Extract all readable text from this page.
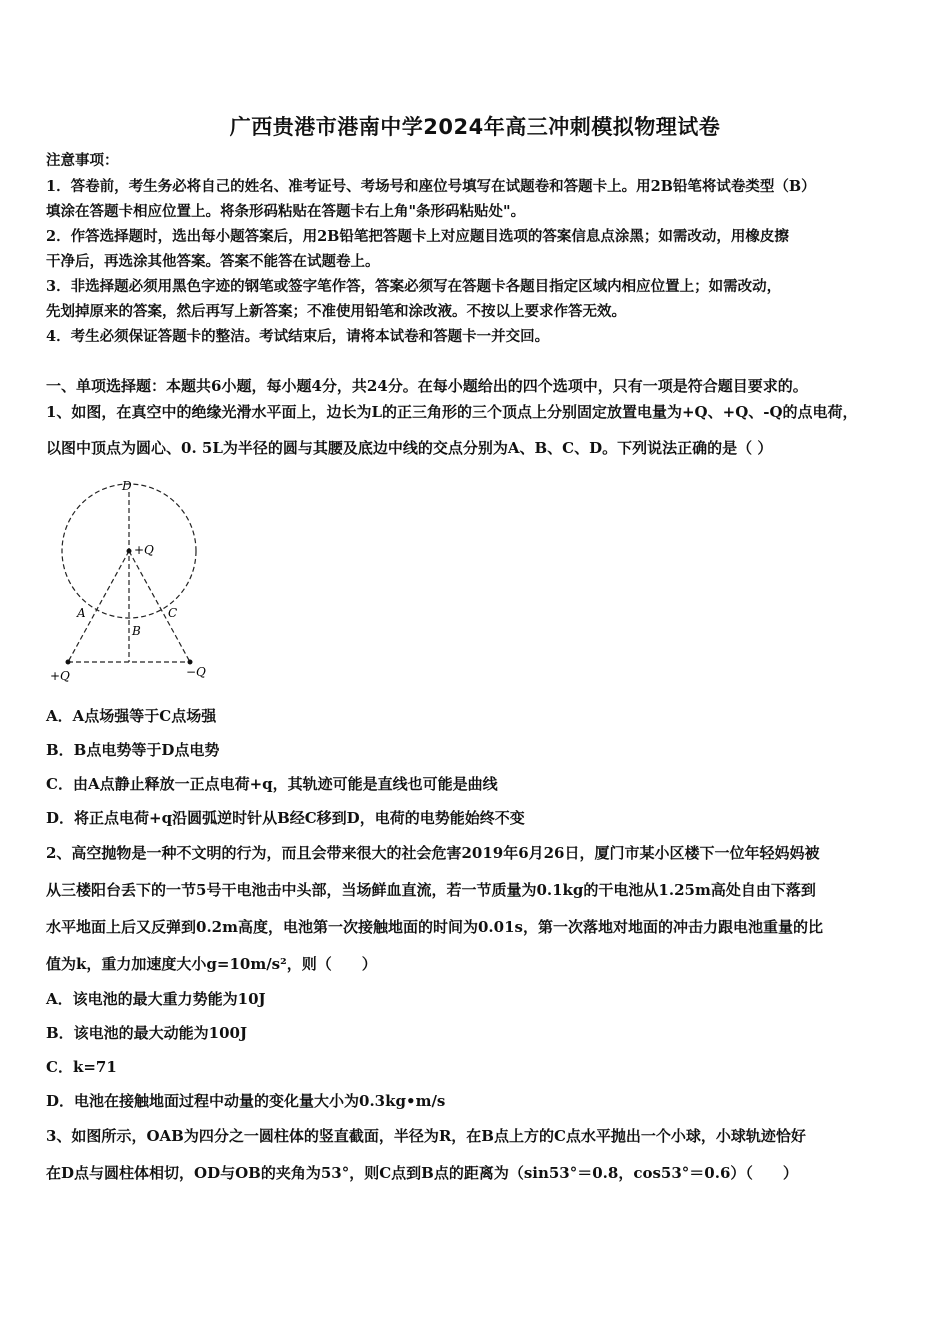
广西贵港市港南中学2024年高三冲刺模拟物理试卷
注意事项：
1．答卷前，考生务必将自己的姓名、准考证号、考场号和座位号填写在试题卷和答题卡上。用2B铅笔将试卷类型（B）
填涂在答题卡相应位置上。将条形码粘贴在答题卡右上角"条形码粘贴处"。
2．作答选择题时，选出每小题答案后，用2B铅笔把答题卡上对应题目选项的答案信息点涂黑；如需改动，用橡皮擦
干净后，再选涂其他答案。答案不能答在试题卷上。
3．非选择题必须用黑色字迹的钢笔或签字笔作答，答案必须写在答题卡各题目指定区域内相应位置上；如需改动，
先划掉原来的答案，然后再写上新答案；不准使用铅笔和涂改液。不按以上要求作答无效。
4．考生必须保证答题卡的整洁。考试结束后，请将本试卷和答题卡一并交回。
一、单项选择题：本题共6小题，每小题4分，共24分。在每小题给出的四个选项中，只有一项是符合题目要求的。
1、如图，在真空中的绝缘光滑水平面上，边长为L的正三角形的三个顶点上分别固定放置电量为+Q、+Q、-Q的点电荷，
以图中顶点为圆心、0. 5L为半径的圆与其腰及底边中线的交点分别为A、B、C、D。下列说法正确的是（ ）
D
+Q
A
B
C
+Q	−Q
A．A点场强等于C点场强
B．B点电势等于D点电势
C．由A点静止释放一正点电荷+q，其轨迹可能是直线也可能是曲线
D．将正点电荷+q沿圆弧逆时针从B经C移到D，电荷的电势能始终不变
2、高空抛物是一种不文明的行为，而且会带来很大的社会危害2019年6月26日，厦门市某小区楼下一位年轻妈妈被
从三楼阳台丢下的一节5号干电池击中头部，当场鲜血直流，若一节质量为0.1kg的干电池从1.25m高处自由下落到
水平地面上后又反弹到0.2m高度，电池第一次接触地面的时间为0.01s，第一次落地对地面的冲击力跟电池重量的比
值为k，重力加速度大小g=10m/s²，则（　　）
A．该电池的最大重力势能为10J
B．该电池的最大动能为100J
C．k=71
D．电池在接触地面过程中动量的变化量大小为0.3kg•m/s
3、如图所示，OAB为四分之一圆柱体的竖直截面，半径为R，在B点上方的C点水平抛出一个小球，小球轨迹恰好
在D点与圆柱体相切，OD与OB的夹角为53°，则C点到B点的距离为（sin53°＝0.8，cos53°＝0.6）（　　）
